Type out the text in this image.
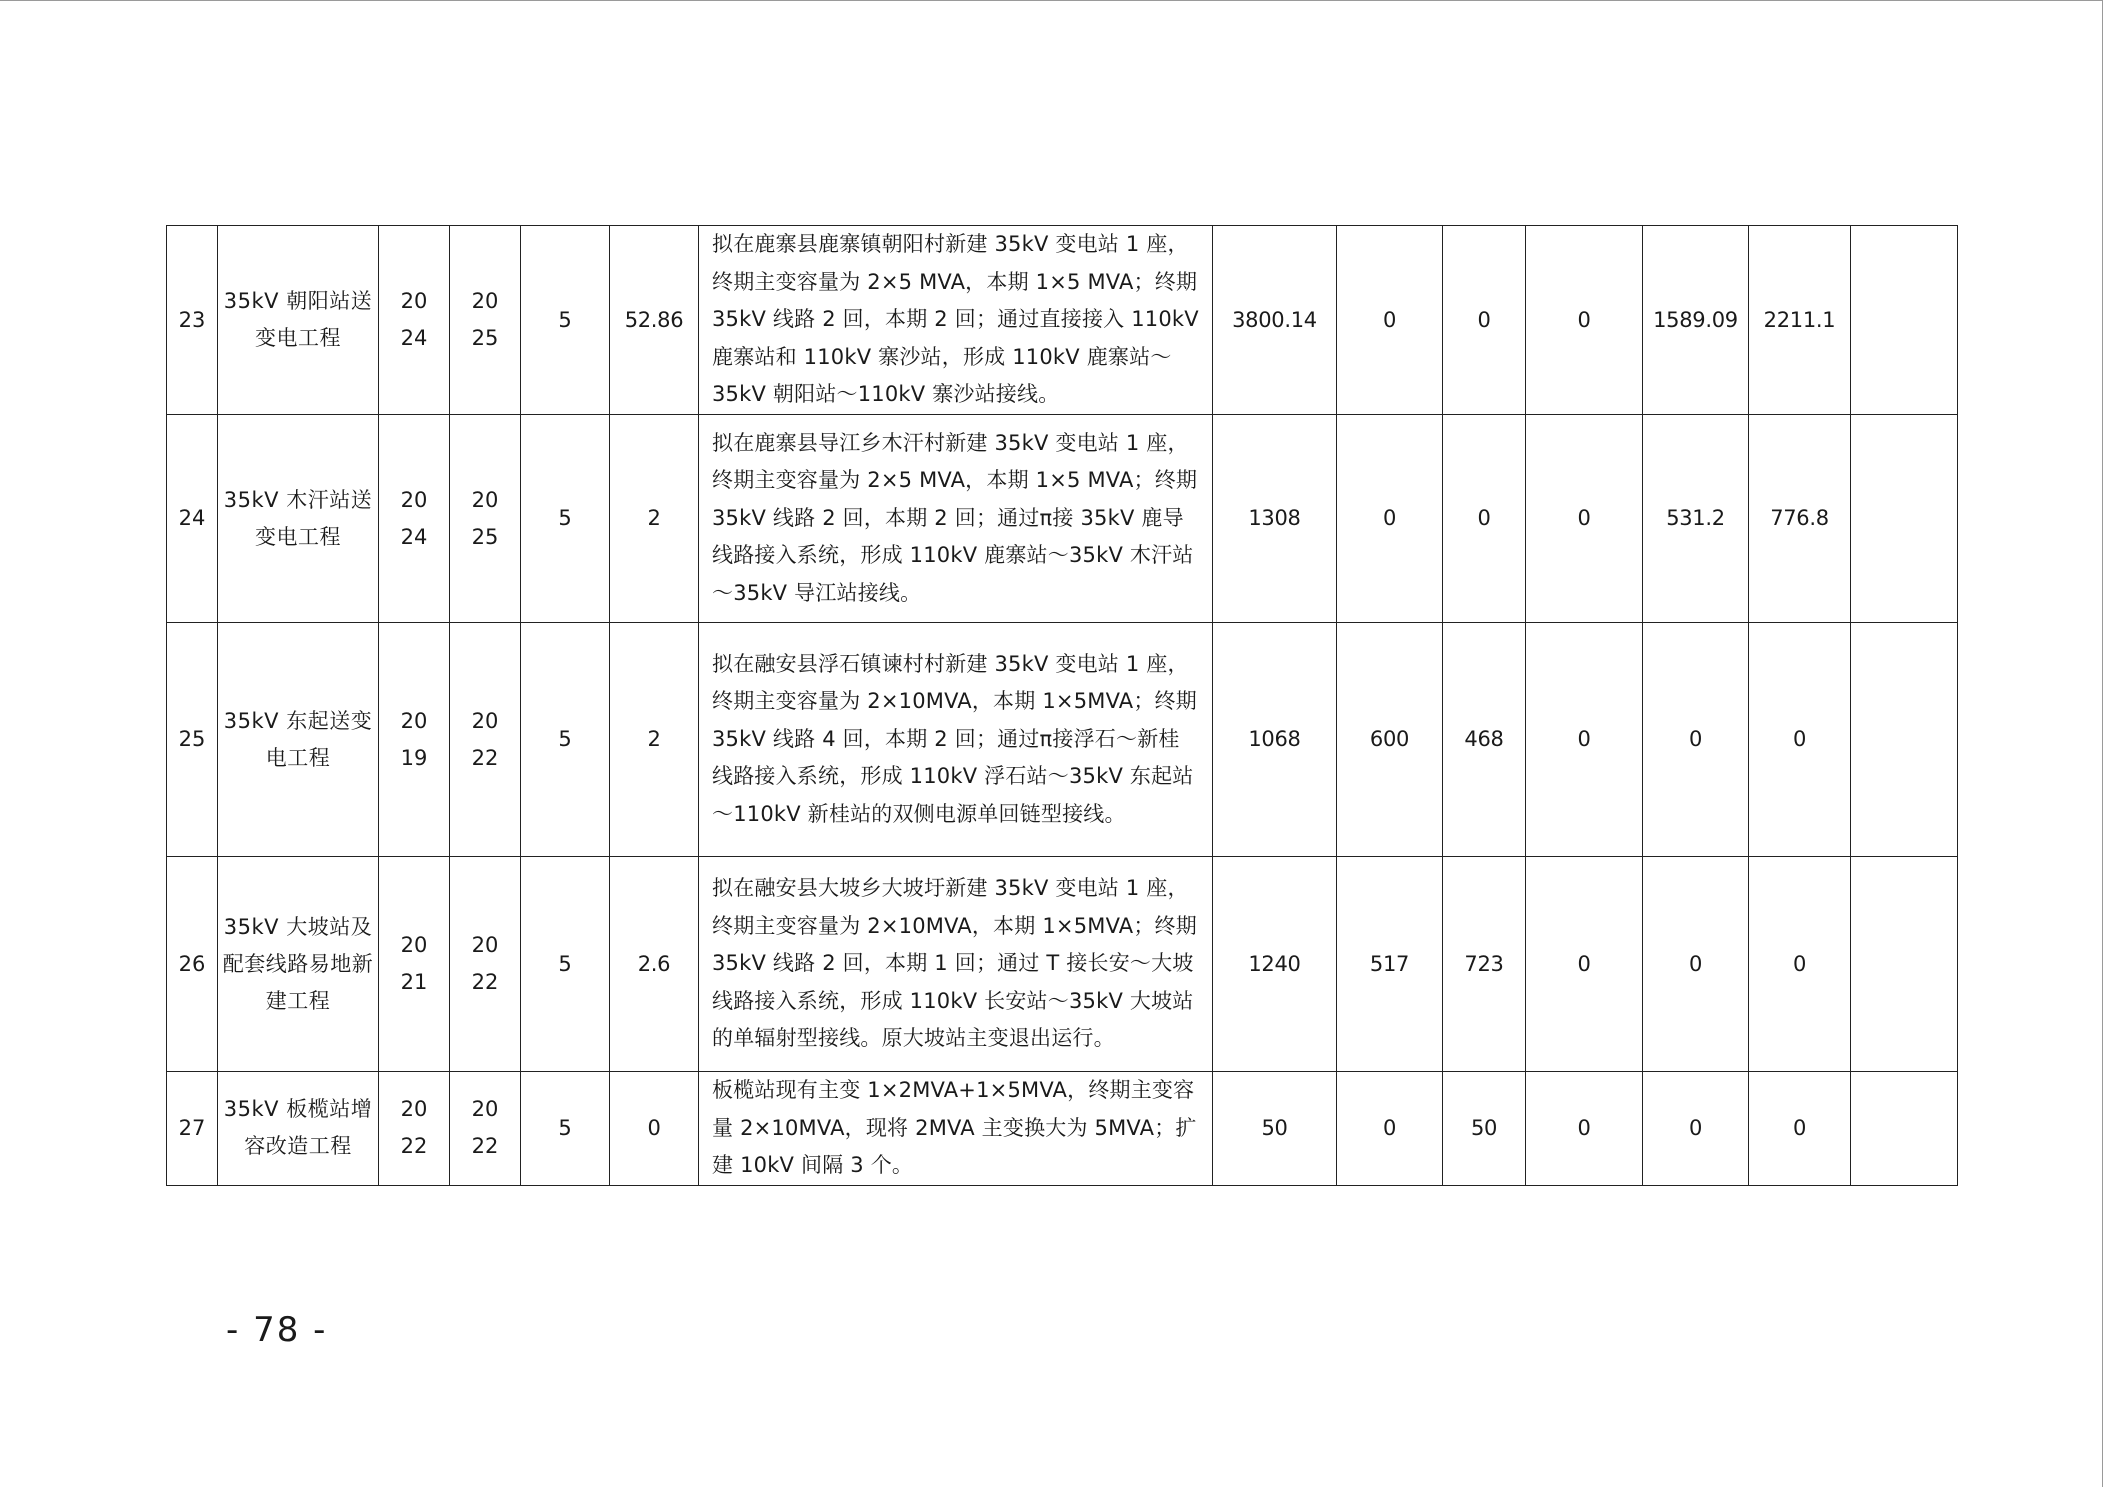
23	35kV 朝阳站送变电工程	2024	2025	5	52.86	拟在鹿寨县鹿寨镇朝阳村新建 35kV 变电站 1 座，终期主变容量为 2×5 MVA，本期 1×5 MVA；终期 35kV 线路 2 回，本期 2 回；通过直接接入 110kV 鹿寨站和 110kV 寨沙站，形成 110kV 鹿寨站～35kV 朝阳站～110kV 寨沙站接线。	3800.14	0	0	0	1589.09	2211.1	
24	35kV 木汗站送变电工程	2024	2025	5	2	拟在鹿寨县导江乡木汗村新建 35kV 变电站 1 座，终期主变容量为 2×5 MVA，本期 1×5 MVA；终期 35kV 线路 2 回，本期 2 回；通过π接 35kV 鹿导线路接入系统，形成 110kV 鹿寨站～35kV 木汗站～35kV 导江站接线。	1308	0	0	0	531.2	776.8	
25	35kV 东起送变电工程	2019	2022	5	2	拟在融安县浮石镇谏村村新建 35kV 变电站 1 座，终期主变容量为 2×10MVA，本期 1×5MVA；终期 35kV 线路 4 回，本期 2 回；通过π接浮石～新桂线路接入系统，形成 110kV 浮石站～35kV 东起站～110kV 新桂站的双侧电源单回链型接线。	1068	600	468	0	0	0	
26	35kV 大坡站及配套线路易地新建工程	2021	2022	5	2.6	拟在融安县大坡乡大坡圩新建 35kV 变电站 1 座，终期主变容量为 2×10MVA，本期 1×5MVA；终期 35kV 线路 2 回，本期 1 回；通过 T 接长安～大坡线路接入系统，形成 110kV 长安站～35kV 大坡站的单辐射型接线。原大坡站主变退出运行。	1240	517	723	0	0	0	
27	35kV 板榄站增容改造工程	2022	2022	5	0	板榄站现有主变 1×2MVA+1×5MVA，终期主变容量 2×10MVA，现将 2MVA 主变换大为 5MVA；扩建 10kV 间隔 3 个。	50	0	50	0	0	0	
- 78 -
